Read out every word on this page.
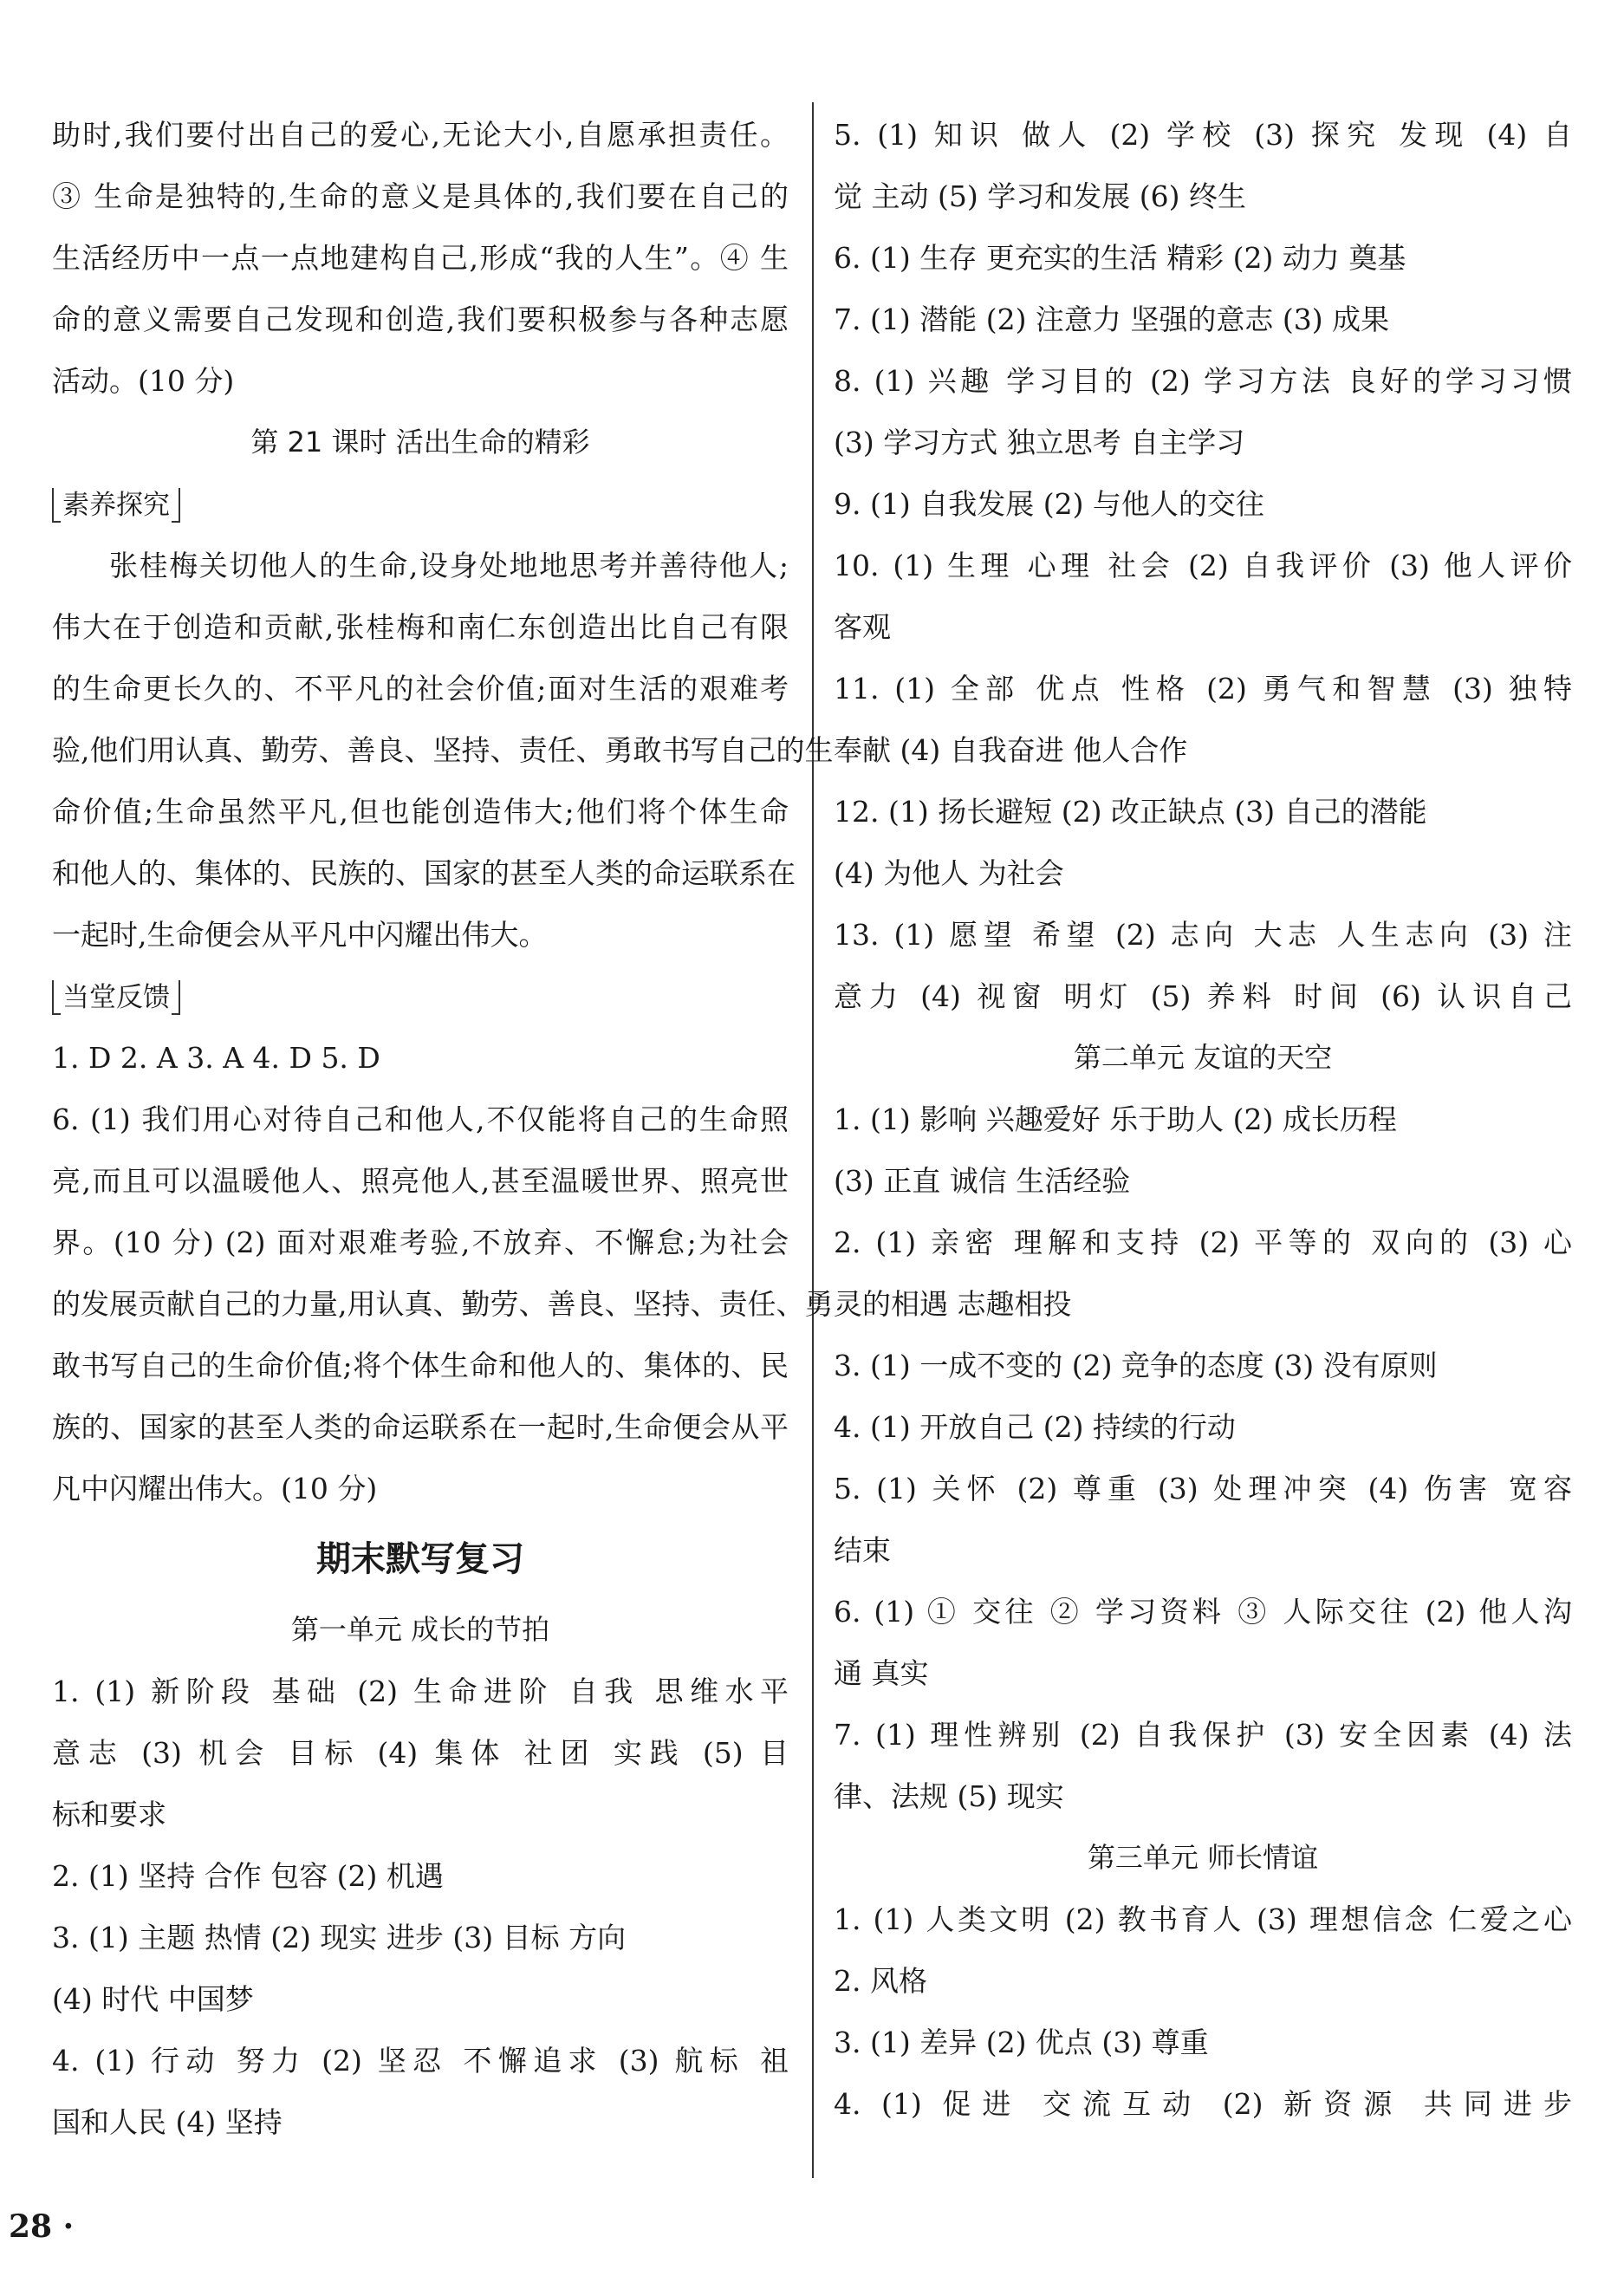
助时,我们要付出自己的爱心,无论大小,自愿承担责任。
③ 生命是独特的,生命的意义是具体的,我们要在自己的
生活经历中一点一点地建构自己,形成“我的人生”。④ 生
命的意义需要自己发现和创造,我们要积极参与各种志愿
活动。(10 分)
第 21 课时 活出生命的精彩
素养探究
张桂梅关切他人的生命,设身处地地思考并善待他人;
伟大在于创造和贡献,张桂梅和南仁东创造出比自己有限
的生命更长久的、不平凡的社会价值;面对生活的艰难考
验,他们用认真、勤劳、善良、坚持、责任、勇敢书写自己的生
命价值;生命虽然平凡,但也能创造伟大;他们将个体生命
和他人的、集体的、民族的、国家的甚至人类的命运联系在
一起时,生命便会从平凡中闪耀出伟大。
当堂反馈
1. D 2. A 3. A 4. D 5. D
6. (1) 我们用心对待自己和他人,不仅能将自己的生命照
亮,而且可以温暖他人、照亮他人,甚至温暖世界、照亮世
界。(10 分) (2) 面对艰难考验,不放弃、不懈怠;为社会
的发展贡献自己的力量,用认真、勤劳、善良、坚持、责任、勇
敢书写自己的生命价值;将个体生命和他人的、集体的、民
族的、国家的甚至人类的命运联系在一起时,生命便会从平
凡中闪耀出伟大。(10 分)
期末默写复习
第一单元 成长的节拍
1. (1) 新阶段 基础 (2) 生命进阶 自我 思维水平
意志 (3) 机会 目标 (4) 集体 社团 实践 (5) 目
标和要求
2. (1) 坚持 合作 包容 (2) 机遇
3. (1) 主题 热情 (2) 现实 进步 (3) 目标 方向
(4) 时代 中国梦
4. (1) 行动 努力 (2) 坚忍 不懈追求 (3) 航标 祖
国和人民 (4) 坚持
5. (1) 知识 做人 (2) 学校 (3) 探究 发现 (4) 自
觉 主动 (5) 学习和发展 (6) 终生
6. (1) 生存 更充实的生活 精彩 (2) 动力 奠基
7. (1) 潜能 (2) 注意力 坚强的意志 (3) 成果
8. (1) 兴趣 学习目的 (2) 学习方法 良好的学习习惯
(3) 学习方式 独立思考 自主学习
9. (1) 自我发展 (2) 与他人的交往
10. (1) 生理 心理 社会 (2) 自我评价 (3) 他人评价
客观
11. (1) 全部 优点 性格 (2) 勇气和智慧 (3) 独特
奉献 (4) 自我奋进 他人合作
12. (1) 扬长避短 (2) 改正缺点 (3) 自己的潜能
(4) 为他人 为社会
13. (1) 愿望 希望 (2) 志向 大志 人生志向 (3) 注
意力 (4) 视窗 明灯 (5) 养料 时间 (6) 认识自己
第二单元 友谊的天空
1. (1) 影响 兴趣爱好 乐于助人 (2) 成长历程
(3) 正直 诚信 生活经验
2. (1) 亲密 理解和支持 (2) 平等的 双向的 (3) 心
灵的相遇 志趣相投
3. (1) 一成不变的 (2) 竞争的态度 (3) 没有原则
4. (1) 开放自己 (2) 持续的行动
5. (1) 关怀 (2) 尊重 (3) 处理冲突 (4) 伤害 宽容
结束
6. (1) ① 交往 ② 学习资料 ③ 人际交往 (2) 他人沟
通 真实
7. (1) 理性辨别 (2) 自我保护 (3) 安全因素 (4) 法
律、法规 (5) 现实
第三单元 师长情谊
1. (1) 人类文明 (2) 教书育人 (3) 理想信念 仁爱之心
2. 风格
3. (1) 差异 (2) 优点 (3) 尊重
4. (1) 促进 交流互动 (2) 新资源 共同进步
28 ·
